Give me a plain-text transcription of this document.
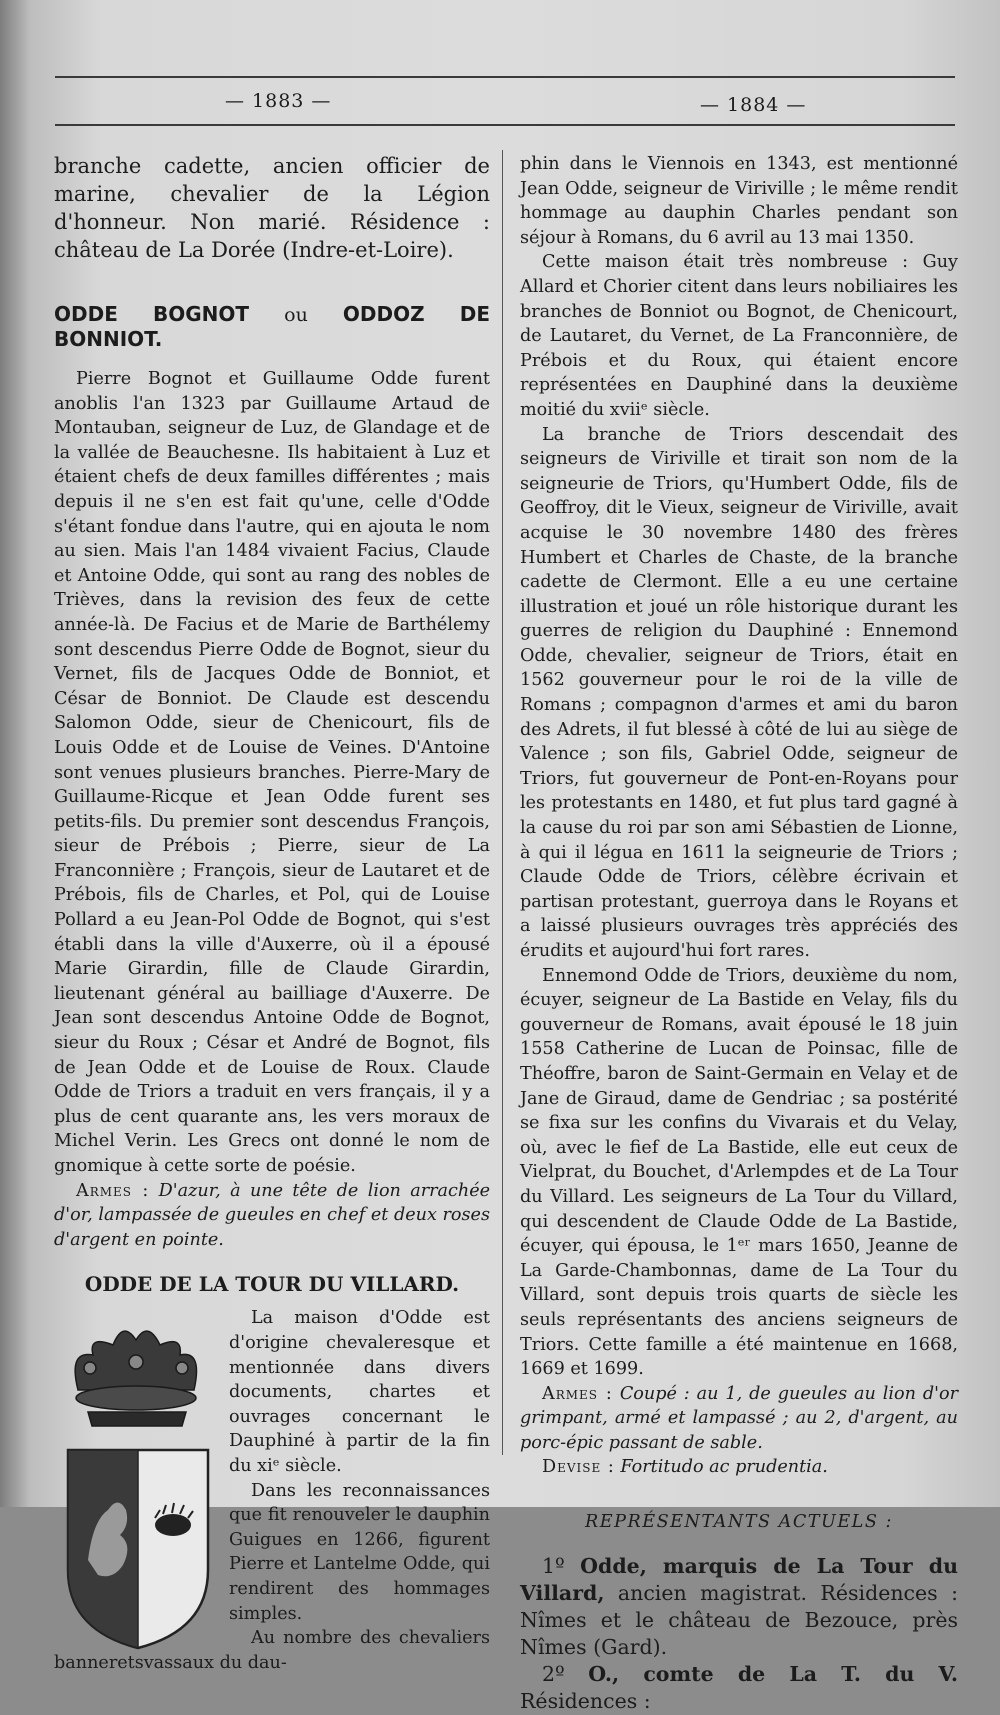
— 1883 —	— 1884 —

branche cadette, ancien officier de marine, chevalier de la Légion d'honneur. Non marié. Résidence : château de La Dorée (Indre-et-Loire).

ODDE BOGNOT ou ODDOZ DE BONNIOT.

Pierre Bognot et Guillaume Odde furent anoblis l'an 1323 par Guillaume Artaud de Montauban, seigneur de Luz, de Glandage et de la vallée de Beauchesne. Ils habitaient à Luz et étaient chefs de deux familles différentes ; mais depuis il ne s'en est fait qu'une, celle d'Odde s'étant fondue dans l'autre, qui en ajouta le nom au sien. Mais l'an 1484 vivaient Facius, Claude et Antoine Odde, qui sont au rang des nobles de Trièves, dans la revision des feux de cette année-là. De Facius et de Marie de Barthélemy sont descendus Pierre Odde de Bognot, sieur du Vernet, fils de Jacques Odde de Bonniot, et César de Bonniot. De Claude est descendu Salomon Odde, sieur de Chenicourt, fils de Louis Odde et de Louise de Veines. D'Antoine sont venues plusieurs branches. Pierre-Mary de Guillaume-Ricque et Jean Odde furent ses petits-fils. Du premier sont descendus François, sieur de Prébois ; Pierre, sieur de La Franconnière ; François, sieur de Lautaret et de Prébois, fils de Charles, et Pol, qui de Louise Pollard a eu Jean-Pol Odde de Bognot, qui s'est établi dans la ville d'Auxerre, où il a épousé Marie Girardin, fille de Claude Girardin, lieutenant général au bailliage d'Auxerre. De Jean sont descendus Antoine Odde de Bognot, sieur du Roux ; César et André de Bognot, fils de Jean Odde et de Louise de Roux. Claude Odde de Triors a traduit en vers français, il y a plus de cent quarante ans, les vers moraux de Michel Verin. Les Grecs ont donné le nom de gnomique à cette sorte de poésie.

Armes : D'azur, à une tête de lion arrachée d'or, lampassée de gueules en chef et deux roses d'argent en pointe.

ODDE DE LA TOUR DU VILLARD.

La maison d'Odde est d'origine chevaleresque et mentionnée dans divers documents, chartes et ouvrages concernant le Dauphiné à partir de la fin du xiᵉ siècle.

Dans les reconnaissances que fit renouveler le dauphin Guigues en 1266, figurent Pierre et Lantelme Odde, qui rendirent des hommages simples.

Au nombre des chevaliers banneretsvassaux du dau-

phin dans le Viennois en 1343, est mentionné Jean Odde, seigneur de Viriville ; le même rendit hommage au dauphin Charles pendant son séjour à Romans, du 6 avril au 13 mai 1350.

Cette maison était très nombreuse : Guy Allard et Chorier citent dans leurs nobiliaires les branches de Bonniot ou Bognot, de Chenicourt, de Lautaret, du Vernet, de La Franconnière, de Prébois et du Roux, qui étaient encore représentées en Dauphiné dans la deuxième moitié du xviiᵉ siècle.

La branche de Triors descendait des seigneurs de Viriville et tirait son nom de la seigneurie de Triors, qu'Humbert Odde, fils de Geoffroy, dit le Vieux, seigneur de Viriville, avait acquise le 30 novembre 1480 des frères Humbert et Charles de Chaste, de la branche cadette de Clermont. Elle a eu une certaine illustration et joué un rôle historique durant les guerres de religion du Dauphiné : Ennemond Odde, chevalier, seigneur de Triors, était en 1562 gouverneur pour le roi de la ville de Romans ; compagnon d'armes et ami du baron des Adrets, il fut blessé à côté de lui au siège de Valence ; son fils, Gabriel Odde, seigneur de Triors, fut gouverneur de Pont-en-Royans pour les protestants en 1480, et fut plus tard gagné à la cause du roi par son ami Sébastien de Lionne, à qui il légua en 1611 la seigneurie de Triors ; Claude Odde de Triors, célèbre écrivain et partisan protestant, guerroya dans le Royans et a laissé plusieurs ouvrages très appréciés des érudits et aujourd'hui fort rares.

Ennemond Odde de Triors, deuxième du nom, écuyer, seigneur de La Bastide en Velay, fils du gouverneur de Romans, avait épousé le 18 juin 1558 Catherine de Lucan de Poinsac, fille de Théoffre, baron de Saint-Germain en Velay et de Jane de Giraud, dame de Gendriac ; sa postérité se fixa sur les confins du Vivarais et du Velay, où, avec le fief de La Bastide, elle eut ceux de Vielprat, du Bouchet, d'Arlempdes et de La Tour du Villard. Les seigneurs de La Tour du Villard, qui descendent de Claude Odde de La Bastide, écuyer, qui épousa, le 1ᵉʳ mars 1650, Jeanne de La Garde-Chambonnas, dame de La Tour du Villard, sont depuis trois quarts de siècle les seuls représentants des anciens seigneurs de Triors. Cette famille a été maintenue en 1668, 1669 et 1699.

Armes : Coupé : au 1, de gueules au lion d'or grimpant, armé et lampassé ; au 2, d'argent, au porc-épic passant de sable.

Devise : Fortitudo ac prudentia.

REPRÉSENTANTS ACTUELS :

1º Odde, marquis de La Tour du Villard, ancien magistrat. Résidences : Nîmes et le château de Bezouce, près Nîmes (Gard).

2º O., comte de La T. du V. Résidences :
